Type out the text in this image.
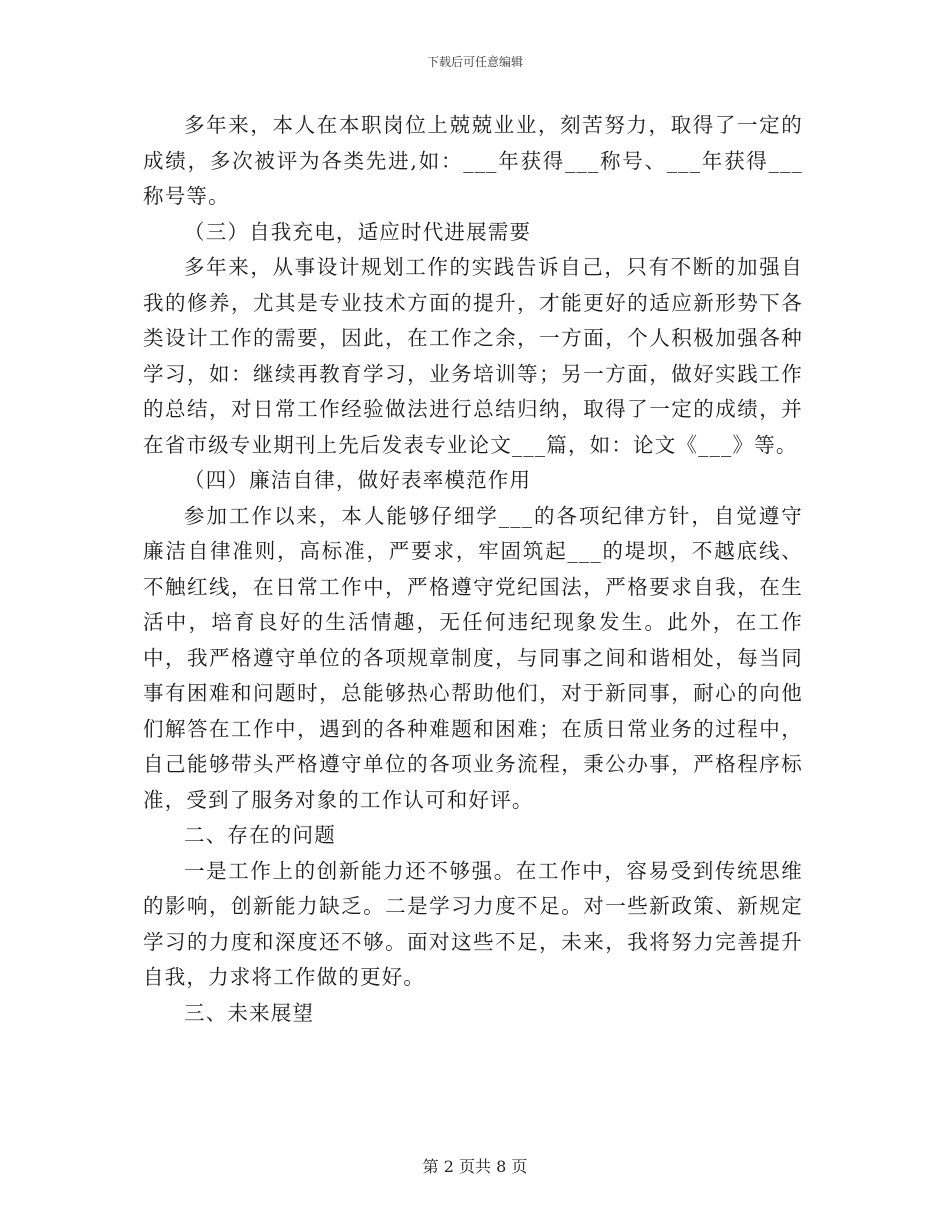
下载后可任意编辑

多年来，本人在本职岗位上兢兢业业，刻苦努力，取得了一定的成绩，多次被评为各类先进,如：___年获得___称号、___年获得___称号等。

（三）自我充电，适应时代进展需要

多年来，从事设计规划工作的实践告诉自己，只有不断的加强自我的修养，尤其是专业技术方面的提升，才能更好的适应新形势下各类设计工作的需要，因此，在工作之余，一方面，个人积极加强各种学习，如：继续再教育学习，业务培训等；另一方面，做好实践工作的总结，对日常工作经验做法进行总结归纳，取得了一定的成绩，并在省市级专业期刊上先后发表专业论文___篇，如：论文《___》等。

（四）廉洁自律，做好表率模范作用

参加工作以来，本人能够仔细学___的各项纪律方针，自觉遵守廉洁自律准则，高标准，严要求，牢固筑起___的堤坝，不越底线、不触红线，在日常工作中，严格遵守党纪国法，严格要求自我，在生活中，培育良好的生活情趣，无任何违纪现象发生。此外，在工作中，我严格遵守单位的各项规章制度，与同事之间和谐相处，每当同事有困难和问题时，总能够热心帮助他们，对于新同事，耐心的向他们解答在工作中，遇到的各种难题和困难；在质日常业务的过程中，自己能够带头严格遵守单位的各项业务流程，秉公办事，严格程序标准，受到了服务对象的工作认可和好评。

二、存在的问题

一是工作上的创新能力还不够强。在工作中，容易受到传统思维的影响，创新能力缺乏。二是学习力度不足。对一些新政策、新规定学习的力度和深度还不够。面对这些不足，未来，我将努力完善提升自我，力求将工作做的更好。

三、未来展望

第 2 页共 8 页
